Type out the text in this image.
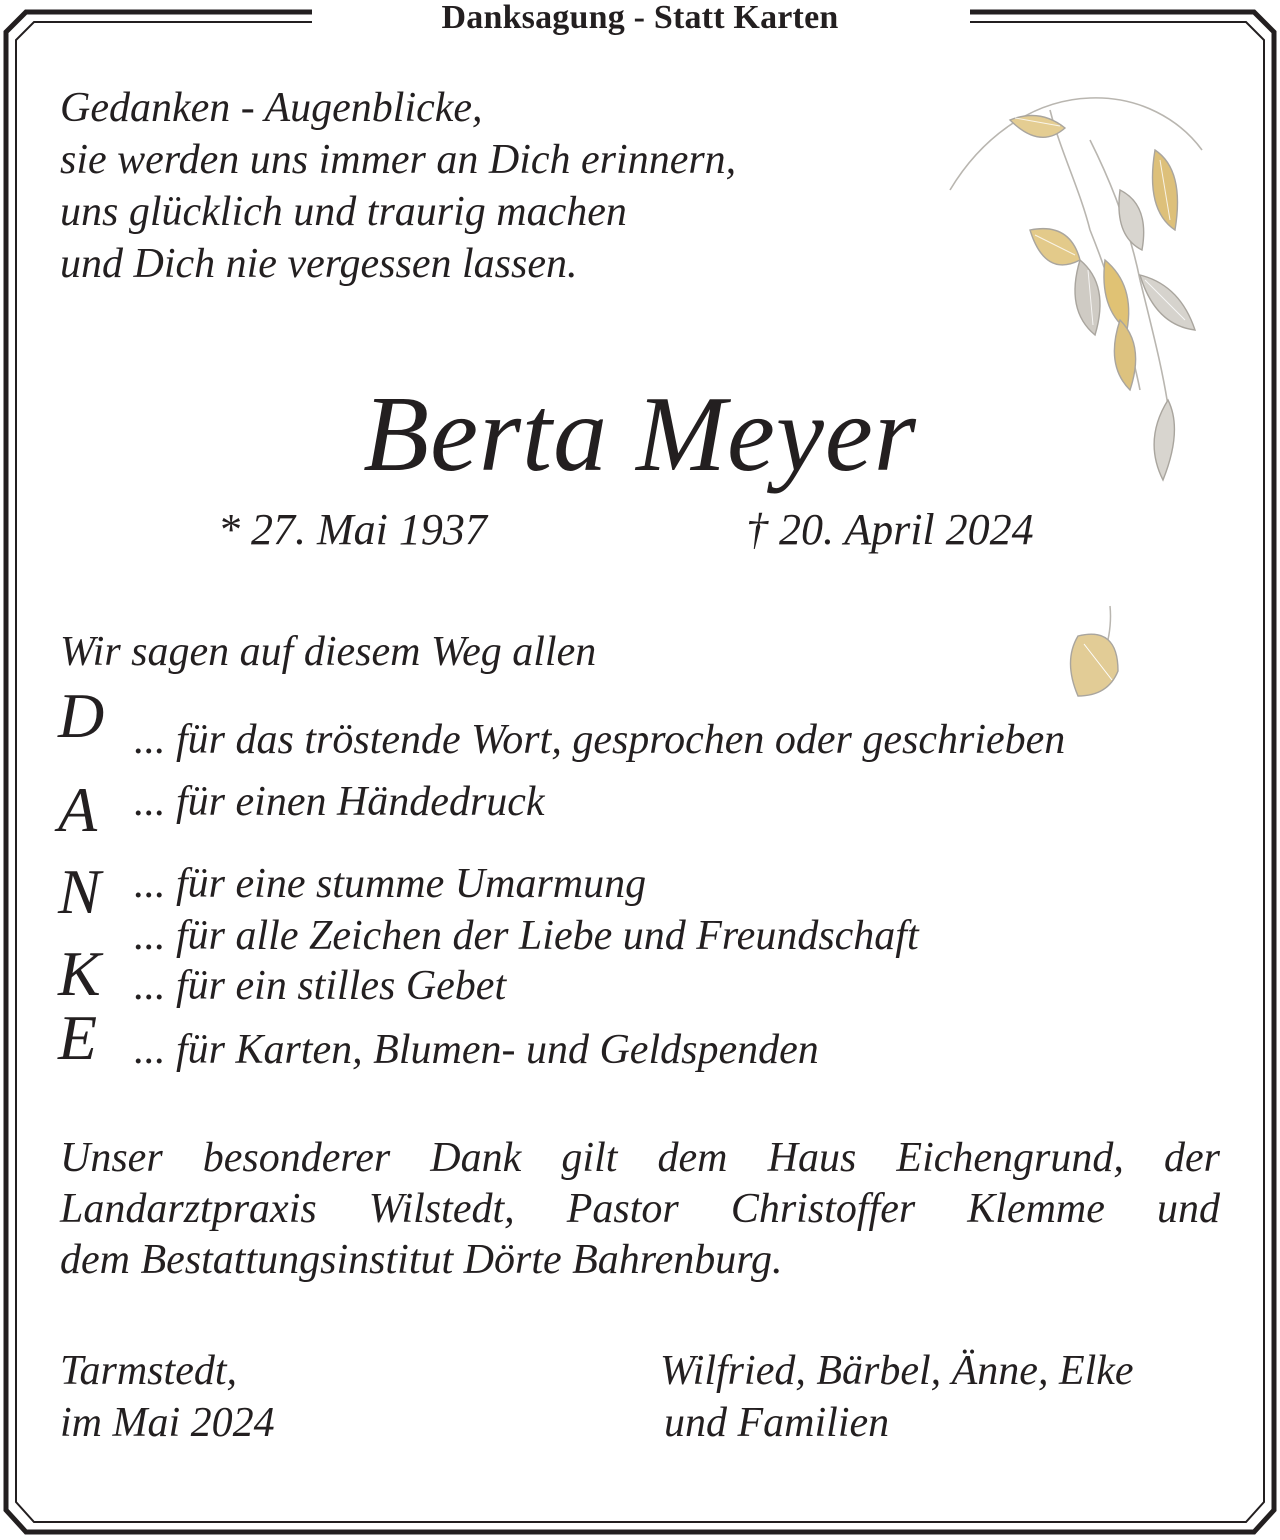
Danksagung - Statt Karten
Gedanken - Augenblicke,
sie werden uns immer an Dich erinnern,
uns glücklich und traurig machen
und Dich nie vergessen lassen.
Berta Meyer
* 27. Mai 1937	† 20. April 2024
Wir sagen auf diesem Weg allen
D ... für das tröstende Wort, gesprochen oder geschrieben
A ... für einen Händedruck
N ... für eine stumme Umarmung
... für alle Zeichen der Liebe und Freundschaft
K ... für ein stilles Gebet
E ... für Karten, Blumen- und Geldspenden
Unser besonderer Dank gilt dem Haus Eichengrund, der
Landarztpraxis Wilstedt, Pastor Christoffer Klemme und
dem Bestattungsinstitut Dörte Bahrenburg.
Tarmstedt,
im Mai 2024
Wilfried, Bärbel, Änne, Elke
und Familien
